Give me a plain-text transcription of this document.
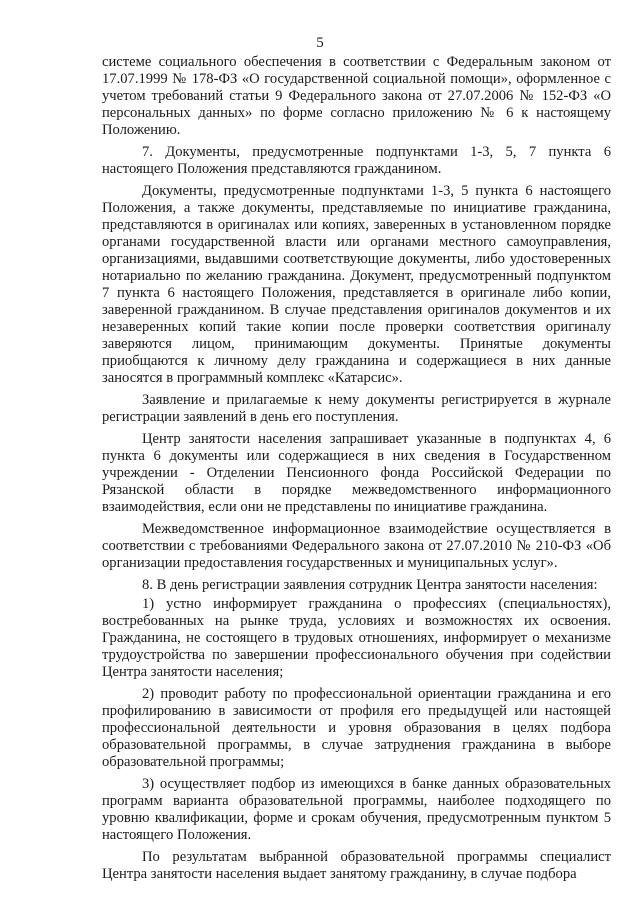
5

системе социального обеспечения в соответствии с Федеральным законом от 17.07.1999 № 178-ФЗ «О государственной социальной помощи», оформленное с учетом требований статьи 9 Федерального закона от 27.07.2006 № 152-ФЗ «О персональных данных» по форме согласно приложению № 6 к настоящему Положению.

7. Документы, предусмотренные подпунктами 1-3, 5, 7 пункта 6 настоящего Положения представляются гражданином.

Документы, предусмотренные подпунктами 1-3, 5 пункта 6 настоящего Положения, а также документы, представляемые по инициативе гражданина, представляются в оригиналах или копиях, заверенных в установленном порядке органами государственной власти или органами местного самоуправления, организациями, выдавшими соответствующие документы, либо удостоверенных нотариально по желанию гражданина. Документ, предусмотренный подпунктом 7 пункта 6 настоящего Положения, представляется в оригинале либо копии, заверенной гражданином. В случае представления оригиналов документов и их незаверенных копий такие копии после проверки соответствия оригиналу заверяются лицом, принимающим документы. Принятые документы приобщаются к личному делу гражданина и содержащиеся в них данные заносятся в программный комплекс «Катарсис».

Заявление и прилагаемые к нему документы регистрируется в журнале регистрации заявлений в день его поступления.

Центр занятости населения запрашивает указанные в подпунктах 4, 6 пункта 6 документы или содержащиеся в них сведения в Государственном учреждении - Отделении Пенсионного фонда Российской Федерации по Рязанской области в порядке межведомственного информационного взаимодействия, если они не представлены по инициативе гражданина.

Межведомственное информационное взаимодействие осуществляется в соответствии с требованиями Федерального закона от 27.07.2010 № 210-ФЗ «Об организации предоставления государственных и муниципальных услуг».

8. В день регистрации заявления сотрудник Центра занятости населения:

1) устно информирует гражданина о профессиях (специальностях), востребованных на рынке труда, условиях и возможностях их освоения. Гражданина, не состоящего в трудовых отношениях, информирует о механизме трудоустройства по завершении профессионального обучения при содействии Центра занятости населения;

2) проводит работу по профессиональной ориентации гражданина и его профилированию в зависимости от профиля его предыдущей или настоящей профессиональной деятельности и уровня образования в целях подбора образовательной программы, в случае затруднения гражданина в выборе образовательной программы;

3) осуществляет подбор из имеющихся в банке данных образовательных программ варианта образовательной программы, наиболее подходящего по уровню квалификации, форме и срокам обучения, предусмотренным пунктом 5 настоящего Положения.

По результатам выбранной образовательной программы специалист Центра занятости населения выдает занятому гражданину, в случае подбора
